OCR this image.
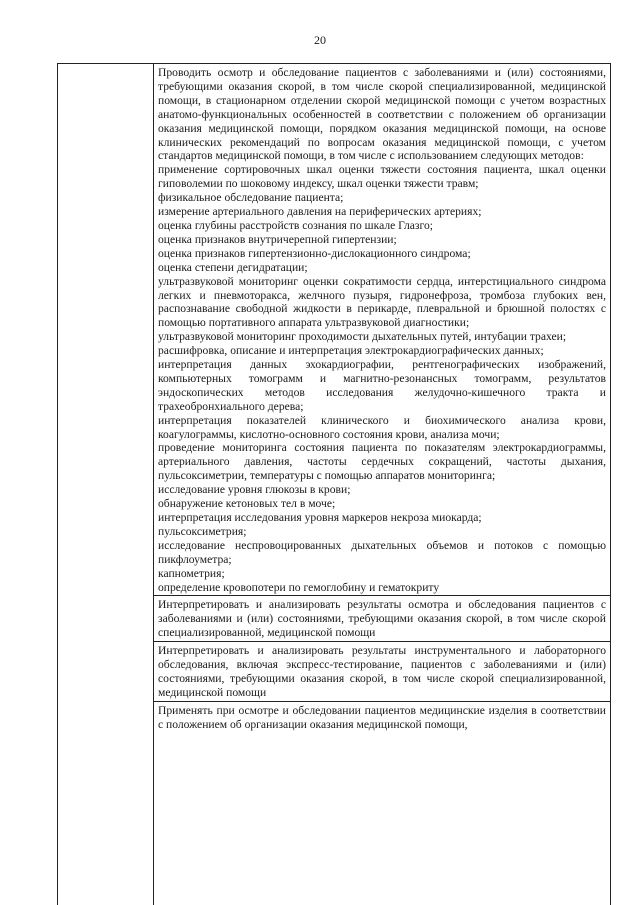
20

Проводить осмотр и обследование пациентов с заболеваниями и (или) состояниями, требующими оказания скорой, в том числе скорой специализированной, медицинской помощи, в стационарном отделении скорой медицинской помощи с учетом возрастных анатомо-функциональных особенностей в соответствии с положением об организации оказания медицинской помощи, порядком оказания медицинской помощи, на основе клинических рекомендаций по вопросам оказания медицинской помощи, с учетом стандартов медицинской помощи, в том числе с использованием следующих методов:

применение сортировочных шкал оценки тяжести состояния пациента, шкал оценки гиповолемии по шоковому индексу, шкал оценки тяжести травм;

физикальное обследование пациента;

измерение артериального давления на периферических артериях;

оценка глубины расстройств сознания по шкале Глазго;

оценка признаков внутричерепной гипертензии;

оценка признаков гипертензионно-дислокационного синдрома;

оценка степени дегидратации;

ультразвуковой мониторинг оценки сократимости сердца, интерстициального синдрома легких и пневмоторакса, желчного пузыря, гидронефроза, тромбоза глубоких вен, распознавание свободной жидкости в перикарде, плевральной и брюшной полостях с помощью портативного аппарата ультразвуковой диагностики;

ультразвуковой мониторинг проходимости дыхательных путей, интубации трахеи;

расшифровка, описание и интерпретация электрокардиографических данных;

интерпретация данных эхокардиографии, рентгенографических изображений, компьютерных томограмм и магнитно-резонансных томограмм, результатов эндоскопических методов исследования желудочно-кишечного тракта и трахеобронхиального дерева;

интерпретация показателей клинического и биохимического анализа крови, коагулограммы, кислотно-основного состояния крови, анализа мочи;

проведение мониторинга состояния пациента по показателям электрокардиограммы, артериального давления, частоты сердечных сокращений, частоты дыхания, пульсоксиметрии, температуры с помощью аппаратов мониторинга;

исследование уровня глюкозы в крови;

обнаружение кетоновых тел в моче;

интерпретация исследования уровня маркеров некроза миокарда;

пульсоксиметрия;

исследование неспровоцированных дыхательных объемов и потоков с помощью пикфлоуметра;

капнометрия;

определение кровопотери по гемоглобину и гематокриту

Интерпретировать и анализировать результаты осмотра и обследования пациентов с заболеваниями и (или) состояниями, требующими оказания скорой, в том числе скорой специализированной, медицинской помощи

Интерпретировать и анализировать результаты инструментального и лабораторного обследования, включая экспресс-тестирование, пациентов с заболеваниями и (или) состояниями, требующими оказания скорой, в том числе скорой специализированной, медицинской помощи

Применять при осмотре и обследовании пациентов медицинские изделия в соответствии с положением об организации оказания медицинской помощи,
